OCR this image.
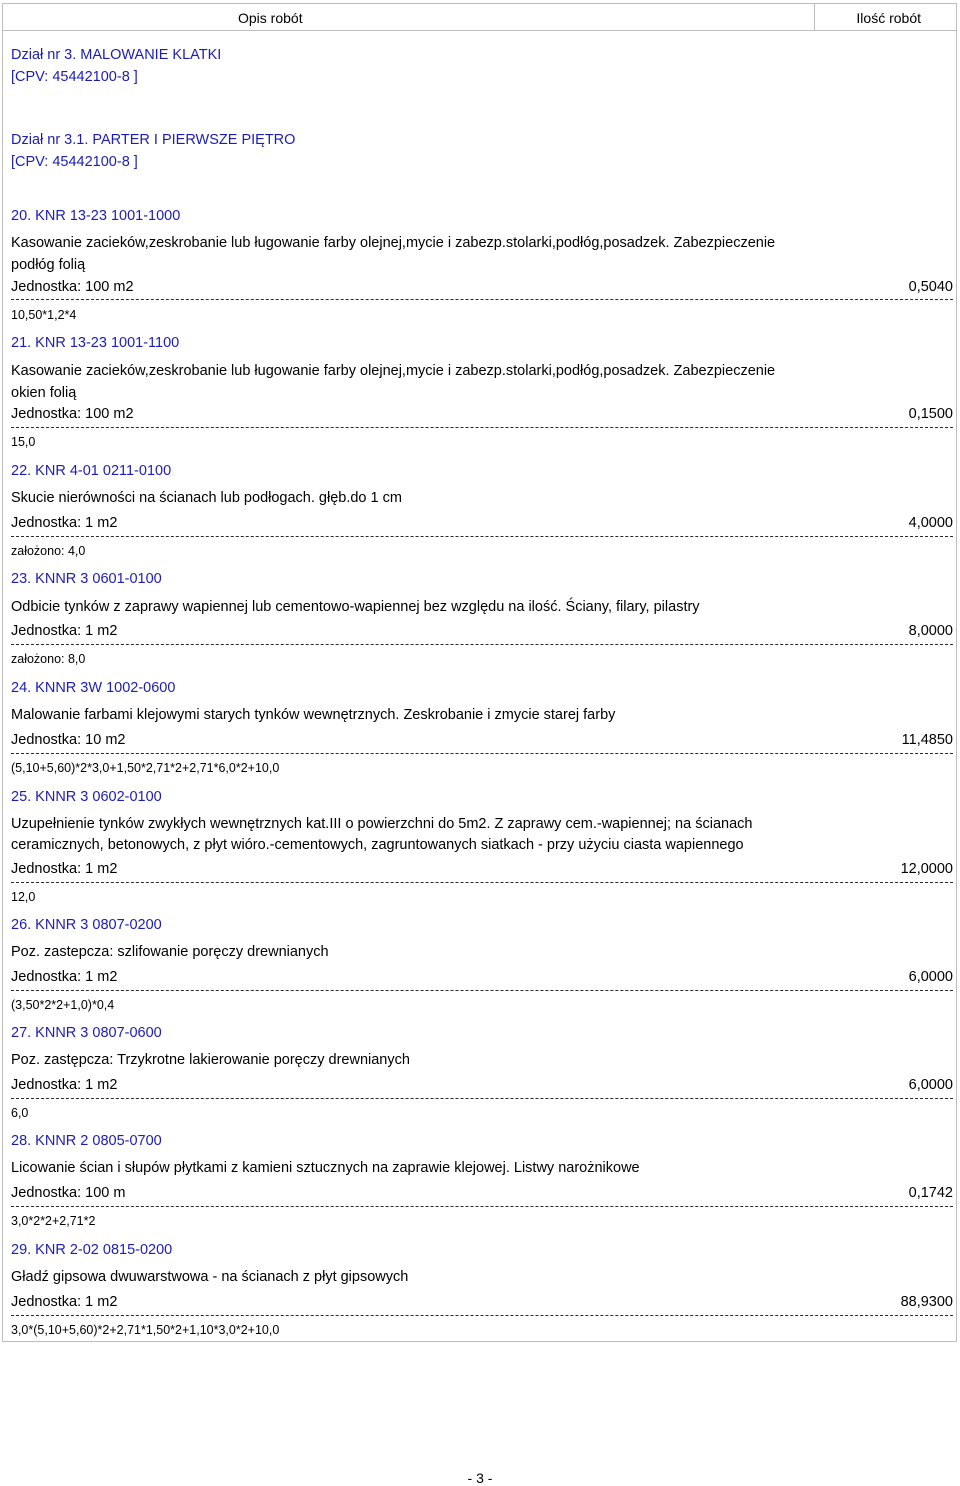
Opis robót	Ilość robót
Dział nr 3. MALOWANIE KLATKI
[CPV: 45442100-8 ]
Dział nr 3.1. PARTER I PIERWSZE PIĘTRO
[CPV: 45442100-8 ]
20. KNR 13-23 1001-1000
Kasowanie zacieków,zeskrobanie lub ługowanie farby olejnej,mycie i zabezp.stolarki,podłóg,posadzek. Zabezpieczenie
podłóg folią
Jednostka: 100 m2	0,5040
10,50*1,2*4
21. KNR 13-23 1001-1100
Kasowanie zacieków,zeskrobanie lub ługowanie farby olejnej,mycie i zabezp.stolarki,podłóg,posadzek. Zabezpieczenie
okien folią
Jednostka: 100 m2	0,1500
15,0
22. KNR 4-01 0211-0100
Skucie nierówności na ścianach lub podłogach. głęb.do 1 cm
Jednostka: 1 m2	4,0000
założono: 4,0
23. KNNR 3 0601-0100
Odbicie tynków z zaprawy wapiennej lub cementowo-wapiennej bez względu na ilość. Ściany, filary, pilastry
Jednostka: 1 m2	8,0000
założono: 8,0
24. KNNR 3W 1002-0600
Malowanie farbami klejowymi starych tynków wewnętrznych. Zeskrobanie i zmycie starej farby
Jednostka: 10 m2	11,4850
(5,10+5,60)*2*3,0+1,50*2,71*2+2,71*6,0*2+10,0
25. KNNR 3 0602-0100
Uzupełnienie tynków zwykłych wewnętrznych kat.III o powierzchni do 5m2. Z zaprawy cem.-wapiennej; na ścianach
ceramicznych, betonowych, z płyt wióro.-cementowych, zagruntowanych siatkach - przy użyciu ciasta wapiennego
Jednostka: 1 m2	12,0000
12,0
26. KNNR 3 0807-0200
Poz. zastepcza: szlifowanie poręczy drewnianych
Jednostka: 1 m2	6,0000
(3,50*2*2+1,0)*0,4
27. KNNR 3 0807-0600
Poz. zastępcza: Trzykrotne lakierowanie poręczy drewnianych
Jednostka: 1 m2	6,0000
6,0
28. KNNR 2 0805-0700
Licowanie ścian i słupów płytkami z kamieni sztucznych na zaprawie klejowej. Listwy narożnikowe
Jednostka: 100 m	0,1742
3,0*2*2+2,71*2
29. KNR 2-02 0815-0200
Gładź gipsowa dwuwarstwowa - na ścianach z płyt gipsowych
Jednostka: 1 m2	88,9300
3,0*(5,10+5,60)*2+2,71*1,50*2+1,10*3,0*2+10,0
- 3 -
